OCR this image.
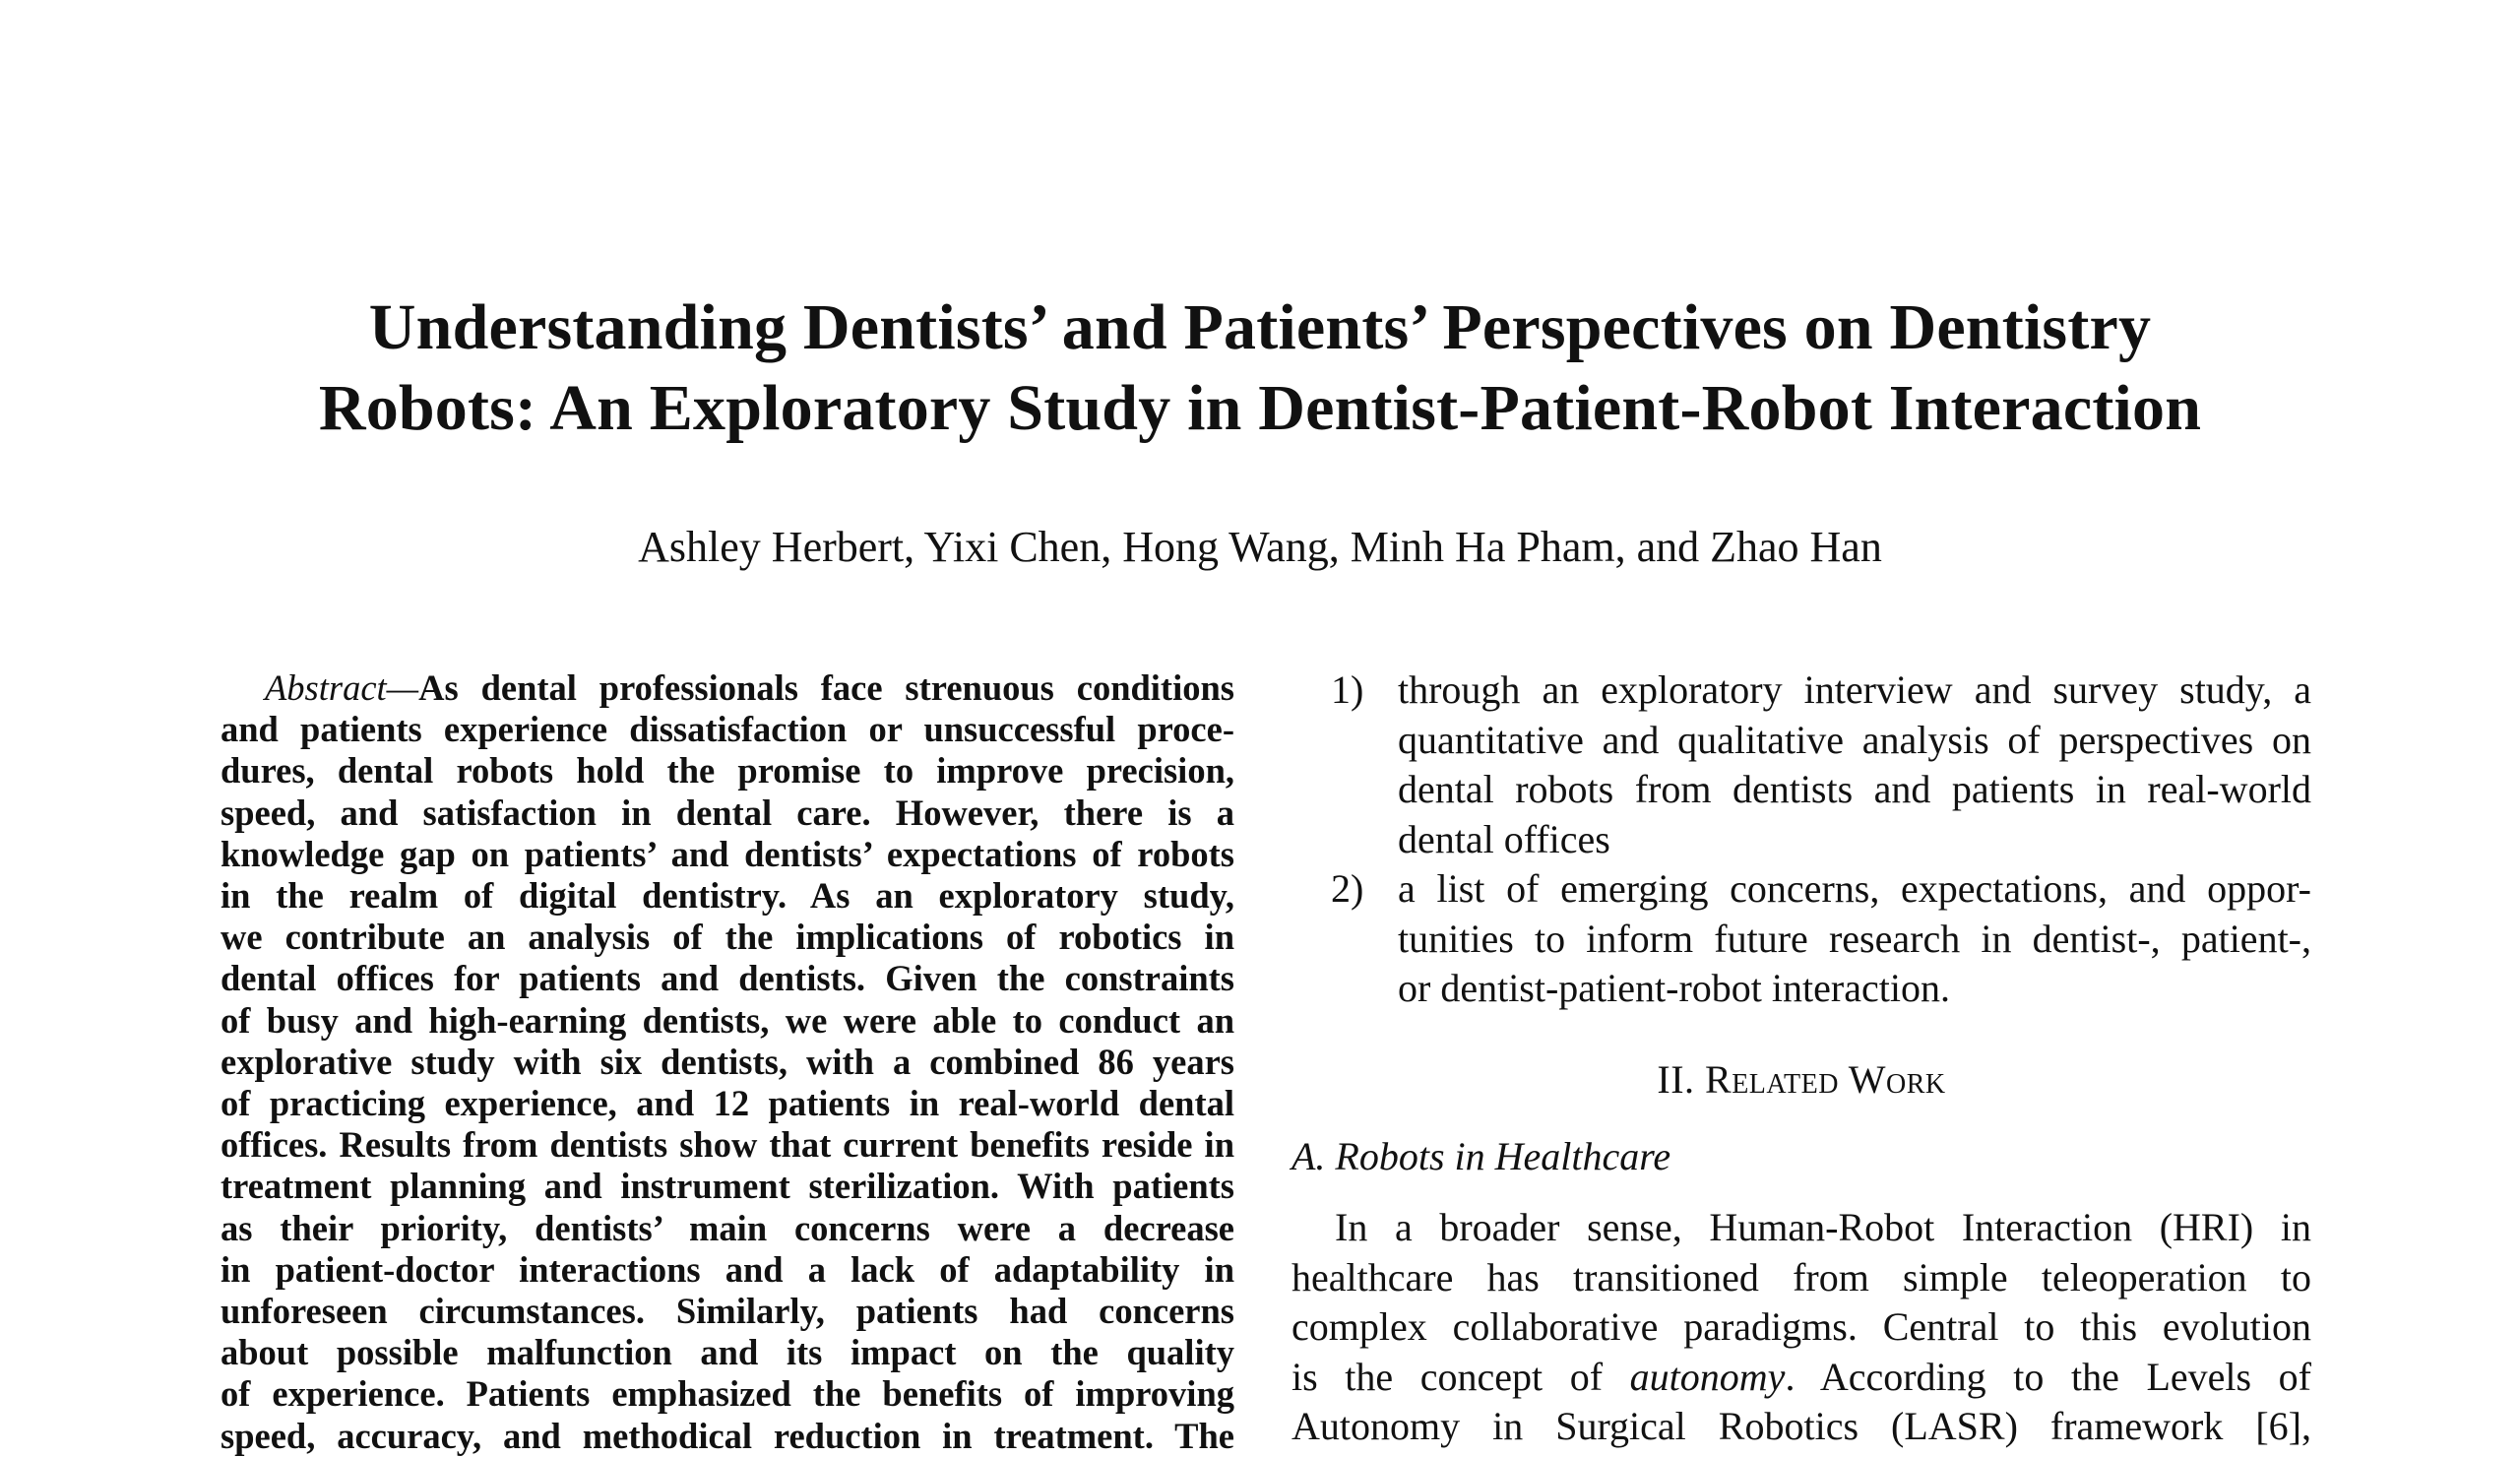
Understanding Dentists’ and Patients’ Perspectives on Dentistry
Robots: An Exploratory Study in Dentist-Patient-Robot Interaction
Ashley Herbert, Yixi Chen, Hong Wang, Minh Ha Pham, and Zhao Han
Abstract—As dental professionals face strenuous conditions
and patients experience dissatisfaction or unsuccessful proce-
dures, dental robots hold the promise to improve precision,
speed, and satisfaction in dental care. However, there is a
knowledge gap on patients’ and dentists’ expectations of robots
in the realm of digital dentistry. As an exploratory study,
we contribute an analysis of the implications of robotics in
dental offices for patients and dentists. Given the constraints
of busy and high-earning dentists, we were able to conduct an
explorative study with six dentists, with a combined 86 years
of practicing experience, and 12 patients in real-world dental
offices. Results from dentists show that current benefits reside in
treatment planning and instrument sterilization. With patients
as their priority, dentists’ main concerns were a decrease
in patient-doctor interactions and a lack of adaptability in
unforeseen circumstances. Similarly, patients had concerns
about possible malfunction and its impact on the quality
of experience. Patients emphasized the benefits of improving
speed, accuracy, and methodical reduction in treatment. The
1) through an exploratory interview and survey study, a
quantitative and qualitative analysis of perspectives on
dental robots from dentists and patients in real-world
dental offices
2) a list of emerging concerns, expectations, and oppor-
tunities to inform future research in dentist-, patient-,
or dentist-patient-robot interaction.
II. Related Work
A. Robots in Healthcare
In a broader sense, Human-Robot Interaction (HRI) in
healthcare has transitioned from simple teleoperation to
complex collaborative paradigms. Central to this evolution
is the concept of autonomy. According to the Levels of
Autonomy in Surgical Robotics (LASR) framework [6],
